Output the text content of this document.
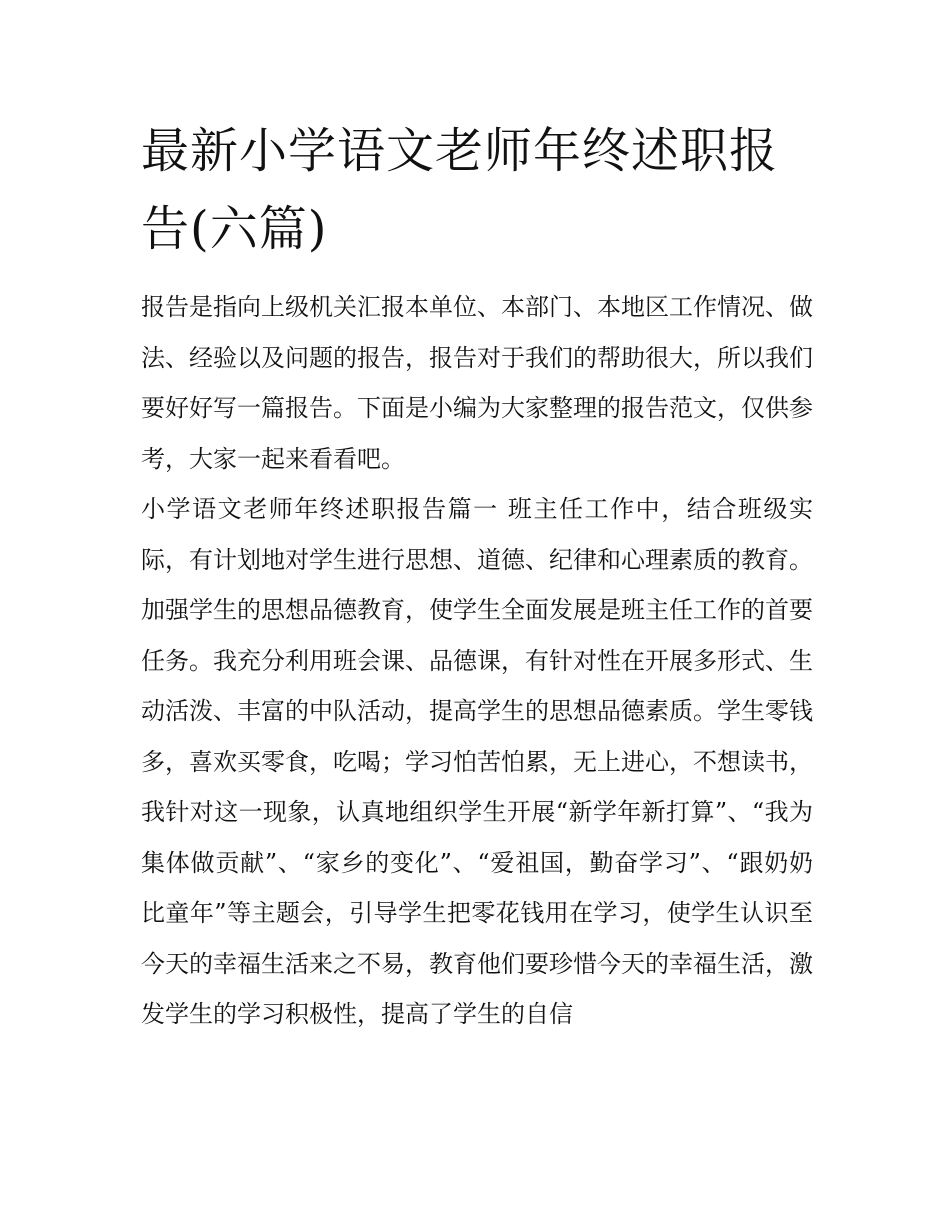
最新小学语文老师年终述职报告(六篇)

报告是指向上级机关汇报本单位、本部门、本地区工作情况、做法、经验以及问题的报告，报告对于我们的帮助很大，所以我们要好好写一篇报告。下面是小编为大家整理的报告范文，仅供参考，大家一起来看看吧。

小学语文老师年终述职报告篇一 班主任工作中，结合班级实际，有计划地对学生进行思想、道德、纪律和心理素质的教育。

加强学生的思想品德教育，使学生全面发展是班主任工作的首要任务。我充分利用班会课、品德课，有针对性在开展多形式、生动活泼、丰富的中队活动，提高学生的思想品德素质。学生零钱多，喜欢买零食，吃喝；学习怕苦怕累，无上进心，不想读书，我针对这一现象，认真地组织学生开展“新学年新打算”、“我为集体做贡献”、“家乡的变化”、“爱祖国，勤奋学习”、“跟奶奶比童年”等主题会，引导学生把零花钱用在学习，使学生认识至今天的幸福生活来之不易，教育他们要珍惜今天的幸福生活，激发学生的学习积极性，提高了学生的自信
